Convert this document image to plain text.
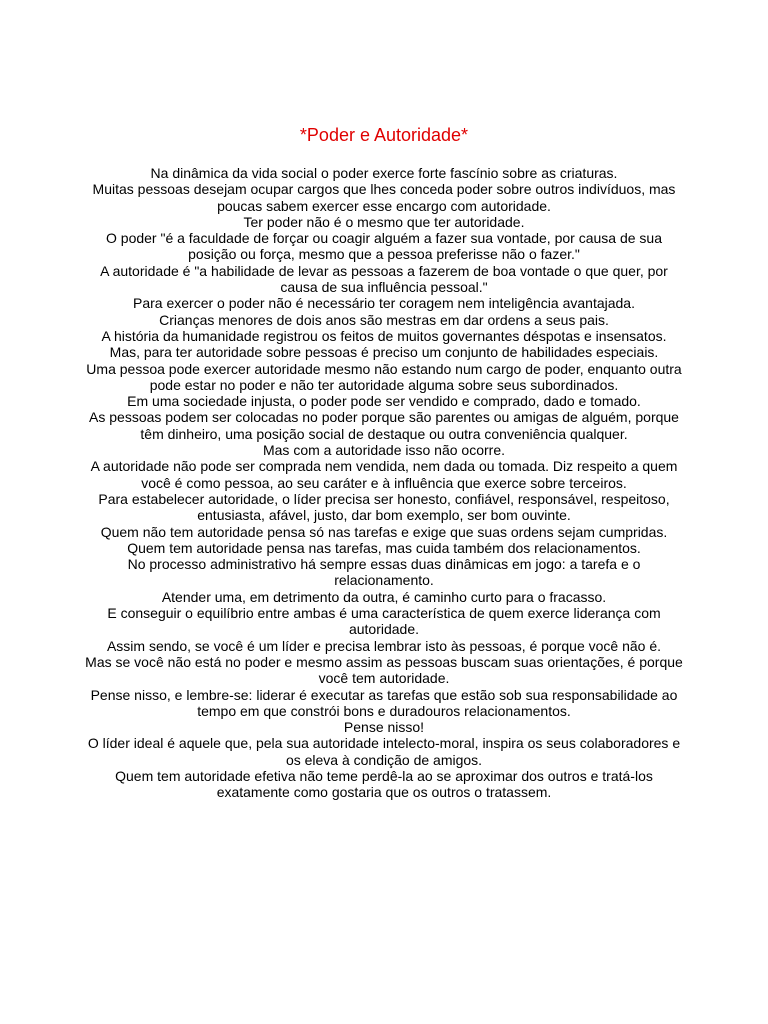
*Poder e Autoridade*

Na dinâmica da vida social o poder exerce forte fascínio sobre as criaturas.

Muitas pessoas desejam ocupar cargos que lhes conceda poder sobre outros indivíduos, mas poucas sabem exercer esse encargo com autoridade.

Ter poder não é o mesmo que ter autoridade.

O poder "é a faculdade de forçar ou coagir alguém a fazer sua vontade, por causa de sua posição ou força, mesmo que a pessoa preferisse não o fazer."

A autoridade é "a habilidade de levar as pessoas a fazerem de boa vontade o que quer, por causa de sua influência pessoal."

Para exercer o poder não é necessário ter coragem nem inteligência avantajada.

Crianças menores de dois anos são mestras em dar ordens a seus pais.

A história da humanidade registrou os feitos de muitos governantes déspotas e insensatos.

Mas, para ter autoridade sobre pessoas é preciso um conjunto de habilidades especiais.

Uma pessoa pode exercer autoridade mesmo não estando num cargo de poder, enquanto outra pode estar no poder e não ter autoridade alguma sobre seus subordinados.

Em uma sociedade injusta, o poder pode ser vendido e comprado, dado e tomado.

As pessoas podem ser colocadas no poder porque são parentes ou amigas de alguém, porque têm dinheiro, uma posição social de destaque ou outra conveniência qualquer.

Mas com a autoridade isso não ocorre.

A autoridade não pode ser comprada nem vendida, nem dada ou tomada. Diz respeito a quem você é como pessoa, ao seu caráter e à influência que exerce sobre terceiros.

Para estabelecer autoridade, o líder precisa ser honesto, confiável, responsável, respeitoso, entusiasta, afável, justo, dar bom exemplo, ser bom ouvinte.

Quem não tem autoridade pensa só nas tarefas e exige que suas ordens sejam cumpridas.

Quem tem autoridade pensa nas tarefas, mas cuida também dos relacionamentos.

No processo administrativo há sempre essas duas dinâmicas em jogo: a tarefa e o relacionamento.

Atender uma, em detrimento da outra, é caminho curto para o fracasso.

E conseguir o equilíbrio entre ambas é uma característica de quem exerce liderança com autoridade.

Assim sendo, se você é um líder e precisa lembrar isto às pessoas, é porque você não é.

Mas se você não está no poder e mesmo assim as pessoas buscam suas orientações, é porque você tem autoridade.

Pense nisso, e lembre-se: liderar é executar as tarefas que estão sob sua responsabilidade ao tempo em que constrói bons e duradouros relacionamentos.

Pense nisso!

O líder ideal é aquele que, pela sua autoridade intelecto-moral, inspira os seus colaboradores e os eleva à condição de amigos.

Quem tem autoridade efetiva não teme perdê-la ao se aproximar dos outros e tratá-los exatamente como gostaria que os outros o tratassem.
